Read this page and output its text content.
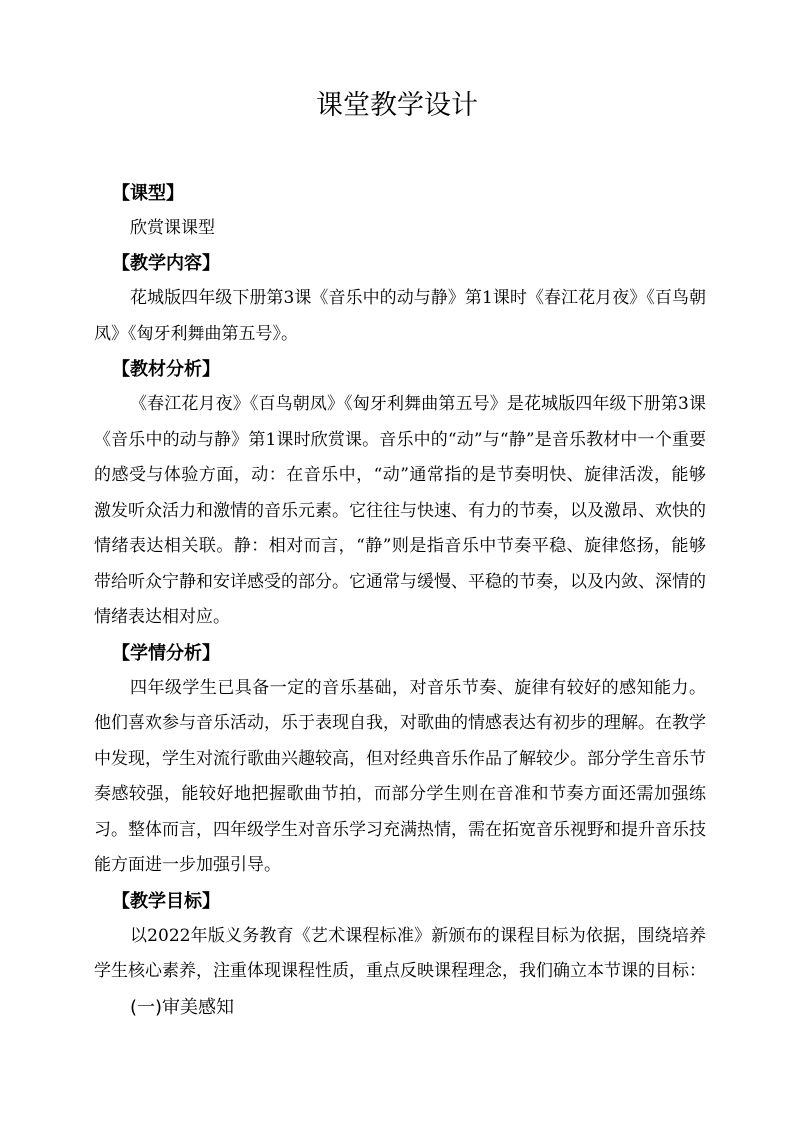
课堂教学设计
【课型】
欣赏课课型
【教学内容】

花城版四年级下册第3课《音乐中的动与静》第1课时《春江花月夜》《百鸟朝凤》《匈牙利舞曲第五号》。

【教材分析】

《春江花月夜》《百鸟朝凤》《匈牙利舞曲第五号》是花城版四年级下册第3课《音乐中的动与静》第1课时欣赏课。音乐中的“动”与“静”是音乐教材中一个重要的感受与体验方面，动：在音乐中，“动”通常指的是节奏明快、旋律活泼，能够激发听众活力和激情的音乐元素。它往往与快速、有力的节奏，以及激昂、欢快的情绪表达相关联。静：相对而言，“静”则是指音乐中节奏平稳、旋律悠扬，能够带给听众宁静和安详感受的部分。它通常与缓慢、平稳的节奏，以及内敛、深情的情绪表达相对应。

【学情分析】

四年级学生已具备一定的音乐基础，对音乐节奏、旋律有较好的感知能力。他们喜欢参与音乐活动，乐于表现自我，对歌曲的情感表达有初步的理解。在教学中发现，学生对流行歌曲兴趣较高，但对经典音乐作品了解较少。部分学生音乐节奏感较强，能较好地把握歌曲节拍，而部分学生则在音准和节奏方面还需加强练习。整体而言，四年级学生对音乐学习充满热情，需在拓宽音乐视野和提升音乐技能方面进一步加强引导。

【教学目标】

以2022年版义务教育《艺术课程标准》新颁布的课程目标为依据，围绕培养学生核心素养，注重体现课程性质，重点反映课程理念，我们确立本节课的目标：

(一)审美感知
